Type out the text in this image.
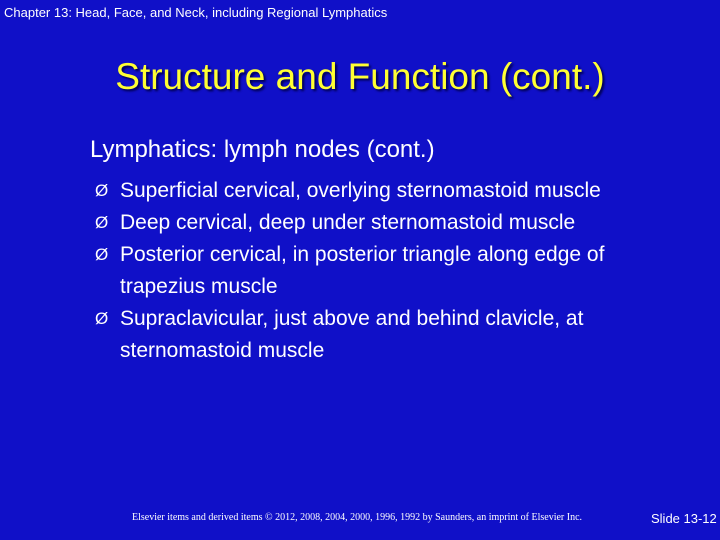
Chapter 13: Head, Face, and Neck, including Regional Lymphatics
Structure and Function (cont.)
Lymphatics: lymph nodes (cont.)
Ø Superficial cervical, overlying sternomastoid muscle
Ø Deep cervical, deep under sternomastoid muscle
Ø Posterior cervical, in posterior triangle along edge of trapezius muscle
Ø Supraclavicular, just above and behind clavicle, at sternomastoid muscle
Elsevier items and derived items © 2012, 2008, 2004, 2000, 1996, 1992 by Saunders, an imprint of Elsevier Inc.	Slide 13-12
